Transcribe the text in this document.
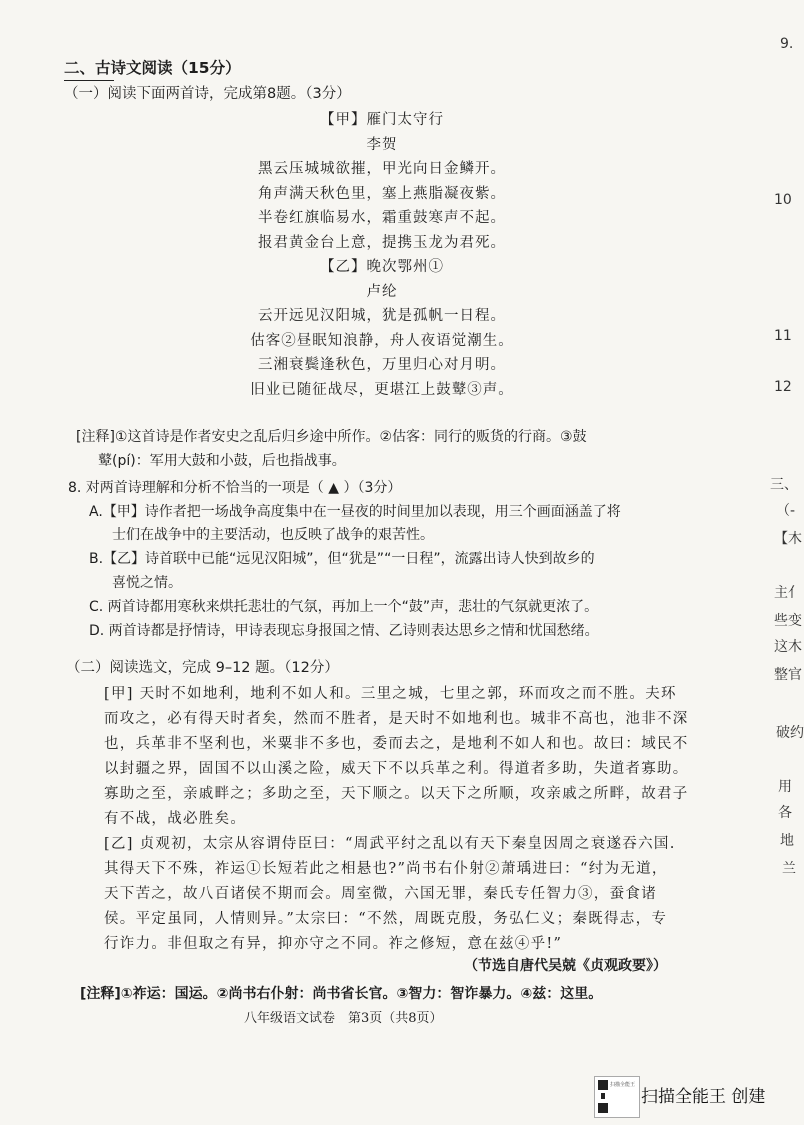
二、古诗文阅读（15分）
（一）阅读下面两首诗，完成第8题。（3分）
【甲】雁门太守行
李贺
黑云压城城欲摧，甲光向日金鳞开。
角声满天秋色里，塞上燕脂凝夜紫。
半卷红旗临易水，霜重鼓寒声不起。
报君黄金台上意，提携玉龙为君死。
【乙】晚次鄂州①
卢纶
云开远见汉阳城，犹是孤帆一日程。
估客②昼眠知浪静，舟人夜语觉潮生。
三湘衰鬓逢秋色，万里归心对月明。
旧业已随征战尽，更堪江上鼓鼙③声。
[注释]①这首诗是作者安史之乱后归乡途中所作。②估客：同行的贩货的行商。③鼓
鼙(pí)：军用大鼓和小鼓，后也指战事。
8. 对两首诗理解和分析不恰当的一项是（ ▲ ）（3分）
A.【甲】诗作者把一场战争高度集中在一昼夜的时间里加以表现，用三个画面涵盖了将
士们在战争中的主要活动，也反映了战争的艰苦性。
B.【乙】诗首联中已能“远见汉阳城”，但“犹是”“一日程”，流露出诗人快到故乡的
喜悦之情。
C. 两首诗都用寒秋来烘托悲壮的气氛，再加上一个“鼓”声，悲壮的气氛就更浓了。
D. 两首诗都是抒情诗，甲诗表现忘身报国之情、乙诗则表达思乡之情和忧国愁绪。
（二）阅读选文，完成 9–12 题。（12分）
[甲] 天时不如地利，地利不如人和。三里之城，七里之郭，环而攻之而不胜。夫环
而攻之，必有得天时者矣，然而不胜者，是天时不如地利也。城非不高也，池非不深
也，兵革非不坚利也，米粟非不多也，委而去之，是地利不如人和也。故曰：域民不
以封疆之界，固国不以山溪之险，威天下不以兵革之利。得道者多助，失道者寡助。
寡助之至，亲戚畔之；多助之至，天下顺之。以天下之所顺，攻亲戚之所畔，故君子
有不战，战必胜矣。
[乙] 贞观初，太宗从容谓侍臣曰：“周武平纣之乱以有天下秦皇因周之衰遂吞六国.
其得天下不殊，祚运①长短若此之相悬也?”尚书右仆射②萧瑀进曰：“纣为无道，
天下苦之，故八百诸侯不期而会。周室微，六国无罪，秦氏专任智力③，蚕食诸
侯。平定虽同，人情则异。”太宗曰：“不然，周既克殷，务弘仁义；秦既得志，专
行诈力。非但取之有异，抑亦守之不同。祚之修短，意在兹④乎!”
（节选自唐代吴兢《贞观政要》）
[注释]①祚运：国运。②尚书右仆射：尚书省长官。③智力：智诈暴力。④兹：这里。
八年级语文试卷　第3页（共8页）
9.
10
11
12
三、
（-
【木
主亻
些变
这木
整官
破约
用
各
地
兰
扫描全能王
扫描全能王 创建
